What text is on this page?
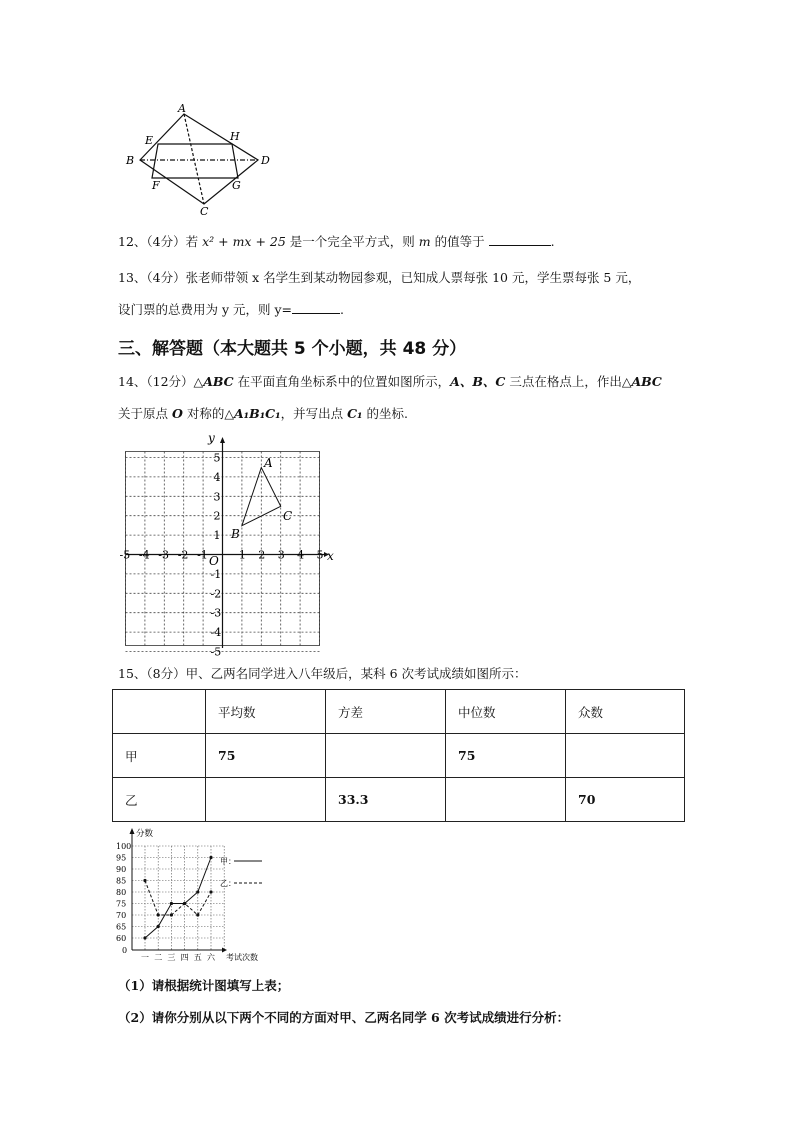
A
B
C
D
E
F	G
H
12、（4分）若 x² + mx + 25 是一个完全平方式，则 m 的值等于	.
13、（4分）张老师带领 x 名学生到某动物园参观，已知成人票每张 10 元，学生票每张 5 元，
设门票的总费用为 y 元，则 y=	.
三、解答题（本大题共 5 个小题，共 48 分）
14、（12分）△ABC 在平面直角坐标系中的位置如图所示，A、B、C 三点在格点上，作出△ABC
关于原点 O 对称的△A₁B₁C₁，并写出点 C₁ 的坐标.
-5 -4 -3 -2 -1	1 2 3 4 5
5
4
3
2
1
-1
-2
-3
-4
-5
x
y
O
A
B
C
15、（8分）甲、乙两名同学进入八年级后，某科 6 次考试成绩如图所示：
	平均数	方差	中位数	众数
甲	75		75	
乙		33.3		70
分数
100
95
90
85
80
75
70
65
60
0
一 二 三 四 五 六 考试次数
甲：
乙：
（1）请根据统计图填写上表；
（2）请你分别从以下两个不同的方面对甲、乙两名同学 6 次考试成绩进行分析：
